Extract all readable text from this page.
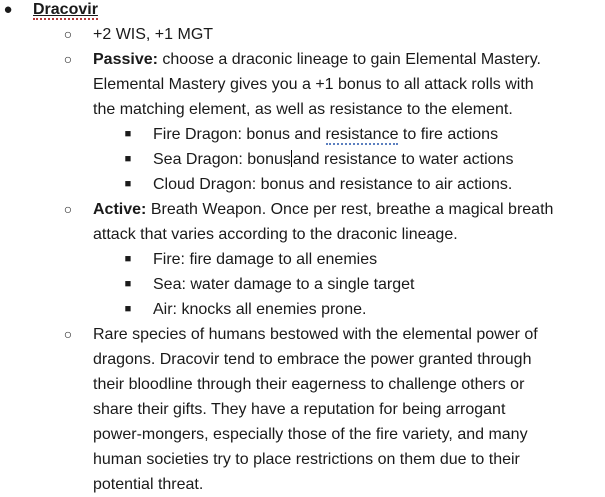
● Dracovir
○	+2 WIS, +1 MGT
○	Passive: choose a draconic lineage to gain Elemental Mastery.
Elemental Mastery gives you a +1 bonus to all attack rolls with
the matching element, as well as resistance to the element.
■	Fire Dragon: bonus and resistance to fire actions
■	Sea Dragon: bonus and resistance to water actions
■	Cloud Dragon: bonus and resistance to air actions.
○	Active: Breath Weapon. Once per rest, breathe a magical breath
attack that varies according to the draconic lineage.
■	Fire: fire damage to all enemies
■	Sea: water damage to a single target
■	Air: knocks all enemies prone.
○	Rare species of humans bestowed with the elemental power of
dragons. Dracovir tend to embrace the power granted through
their bloodline through their eagerness to challenge others or
share their gifts. They have a reputation for being arrogant
power-mongers, especially those of the fire variety, and many
human societies try to place restrictions on them due to their
potential threat.
